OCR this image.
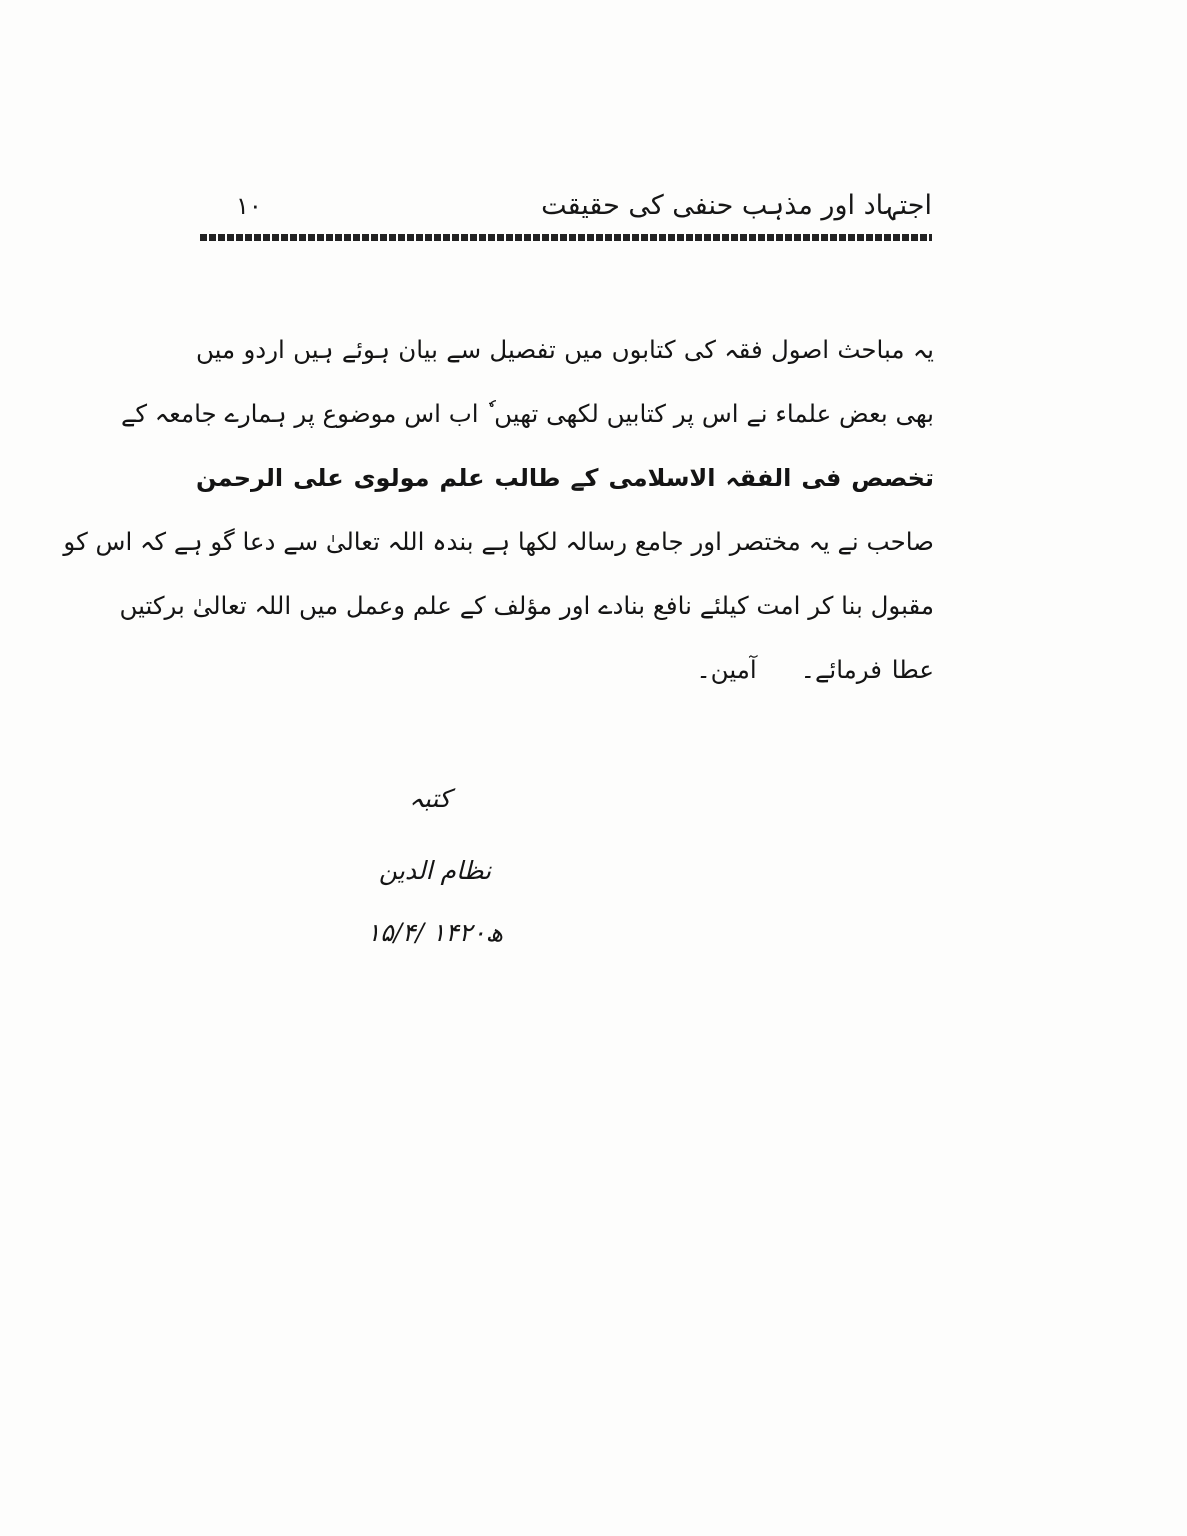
اجتہاد اور مذہب حنفی کی حقیقت
۱۰
یہ مباحث اصول فقہ کی کتابوں میں تفصیل سے بیان ہوئے ہیں اردو میں
بھی بعض علماء نے اس پر کتابیں لکھی تھیں ٗ اب اس موضوع پر ہمارے جامعہ کے
تخصص فی الفقہ الاسلامی کے طالب علم مولوی علی الرحمن
صاحب نے یہ مختصر اور جامع رسالہ لکھا ہے بندہ اللہ تعالیٰ سے دعا گو ہے کہ اس کو
مقبول بنا کر امت کیلئے نافع بنادے اور مؤلف کے علم وعمل میں اللہ تعالیٰ برکتیں
عطا فرمائے۔آمین۔
کتبہ
نظام الدین
۱۵/۴/ ۱۴۲۰ھ
